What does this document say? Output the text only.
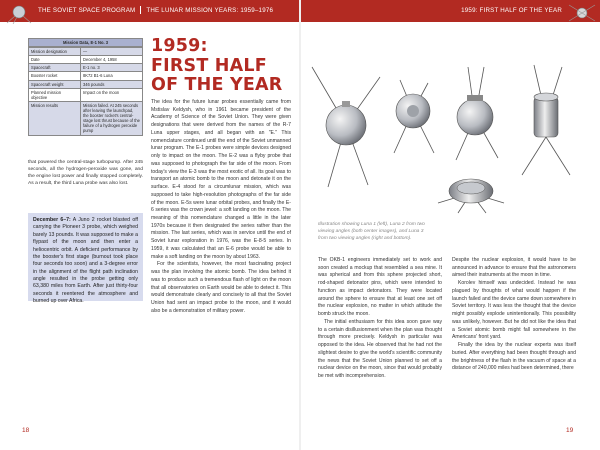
THE SOVIET SPACE PROGRAM THE LUNAR MISSION YEARS: 1959–1976	1959: FIRST HALF OF THE YEAR
Mission Data, E-1 No. 3
Mission designation	—
Date	December 4, 1958
Spacecraft	E-1 no. 3
Booster rocket	8K72 B1-6 Luna
Spacecraft weight	346 pounds
Planned mission objective	Impact on the moon
Mission results	Mission failed. At 245 seconds after leaving the launchpad, the booster rocket's central-stage lost thrust because of the failure of a hydrogen peroxide pump

that powered the central-stage turbopump. After 245 seconds, all the hydrogen-peroxide was gone, and the engine lost power and finally stopped completely. As a result, the third Luna probe was also lost.

December 6–7: A Juno 2 rocket blasted off carrying the Pioneer 3 probe, which weighed barely 13 pounds. It was supposed to make a flypast of the moon and then enter a heliocentric orbit. A deficient performance by the booster's first stage (burnout took place four seconds too soon) and a 3-degree error in the alignment of the flight path inclination angle resulted in the probe getting only 63,380 miles from Earth. After just thirty-four seconds it reentered the atmosphere and burned up over Africa.
1959:
FIRST HALF
OF THE YEAR

The idea for the future lunar probes essentially came from Mstislav Keldysh, who in 1961 became president of the Academy of Science of the Soviet Union. They were given designations that were derived from the names of the R-7 Luna upper stages, and all began with an "E." This nomenclature continued until the end of the Soviet unmanned lunar program. The E-1 probes were simple devices designed only to impact on the moon. The E-2 was a flyby probe that was supposed to photograph the far side of the moon. From today's view the E-3 was the most exotic of all. Its goal was to transport an atomic bomb to the moon and detonate it on the surface. E-4 stood for a circumlunar mission, which was supposed to take high-resolution photographs of the far side of the moon. E-5s were lunar orbital probes, and finally the E-6 series was the crown jewel: a soft landing on the moon. The meaning of this nomenclature changed a little in the later 1970s because it then designated the series rather than the mission. The last series, which was in service until the end of Soviet lunar exploration in 1976, was the E-8-5 series. In 1959, it was calculated that an E-6 probe would be able to make a soft landing on the moon by about 1963.

For the scientists, however, the most fascinating project was the plan involving the atomic bomb. The idea behind it was to produce such a tremendous flash of light on the moon that all observatories on Earth would be able to detect it. This would demonstrate clearly and concisely to all that the Soviet Union had sent an impact probe to the moon, and it would also be a demonstration of military power.

Illustration showing Luna 1 (left), Luna 2 from two viewing angles (both center images), and Luna 3 from two viewing angles (right and bottom).

The OKB-1 engineers immediately set to work and soon created a mockup that resembled a sea mine. It was spherical and from this sphere projected short, rod-shaped detonator pins, which were intended to function as impact detonators. They were located around the sphere to ensure that at least one set off the nuclear explosion, no matter in which attitude the bomb struck the moon.

The initial enthusiasm for this idea soon gave way to a certain disillusionment when the plan was thought through more precisely. Keldysh in particular was opposed to the idea. He observed that he had not the slightest desire to give the world's scientific community the news that the Soviet Union planned to set off a nuclear device on the moon, since that would probably be met with incomprehension.

Despite the nuclear explosion, it would have to be announced in advance to ensure that the astronomers aimed their instruments at the moon in time.

Korolev himself was undecided. Instead he was plagued by thoughts of what would happen if the launch failed and the device came down somewhere in Soviet territory. It was less the thought that the device might possibly explode unintentionally. This possibility was unlikely, however. But he did not like the idea that a Soviet atomic bomb might fall somewhere in the Americans' front yard.

Finally the idea by the nuclear experts was itself buried. After everything had been thought through and the brightness of the flash in the vacuum of space at a distance of 240,000 miles had been determined, there

18	19
